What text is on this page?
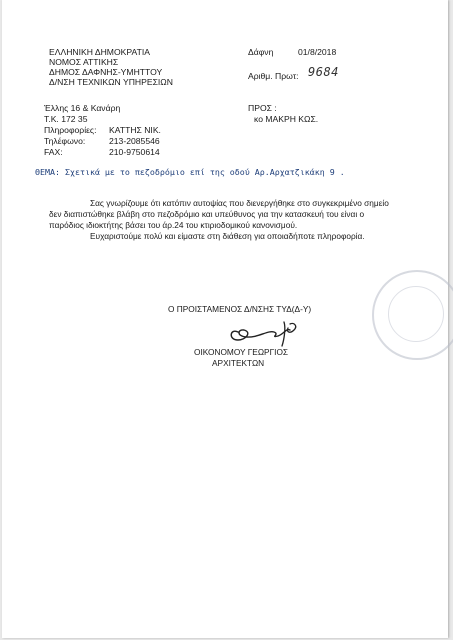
ΕΛΛΗΝΙΚΗ ΔΗΜΟΚΡΑΤΙΑ
ΝΟΜΟΣ ΑΤΤΙΚΗΣ
ΔΗΜΟΣ ΔΑΦΝΗΣ-ΥΜΗΤΤΟΥ
Δ/ΝΣΗ ΤΕΧΝΙΚΩΝ ΥΠΗΡΕΣΙΩΝ
Δάφνη	01/8/2018
Αριθμ. Πρωτ: 9684
Έλλης 16 & Κανάρη
Τ.Κ. 172 35
Πληροφορίες: ΚΑΤΤΗΣ ΝΙΚ.
Τηλέφωνο:	213-2085546
FAX:	210-9750614
ΠΡΟΣ :
κο ΜΑΚΡΗ ΚΩΣ.
ΘΕΜΑ: Σχετικά με το πεζοδρόμιο επί της οδού Αρ.Αρχατζικάκη 9 .
Σας γνωρίζουμε ότι κατόπιν αυτοψίας που διενεργήθηκε στο συγκεκριμένο σημείο
δεν διαπιστώθηκε βλάβη στο πεζοδρόμιο και υπεύθυνος για την κατασκευή του είναι ο
παρόδιος ιδιοκτήτης βάσει του άρ.24 του κτιριοδομικού κανονισμού.
Ευχαριστούμε πολύ και είμαστε στη διάθεση για οποιαδήποτε πληροφορία.
Ο ΠΡΟΙΣΤΑΜΕΝΟΣ Δ/ΝΣΗΣ ΤΥΔ(Δ-Υ)
ΟΙΚΟΝΟΜΟΥ ΓΕΩΡΓΙΟΣ
ΑΡΧΙΤΕΚΤΩΝ
